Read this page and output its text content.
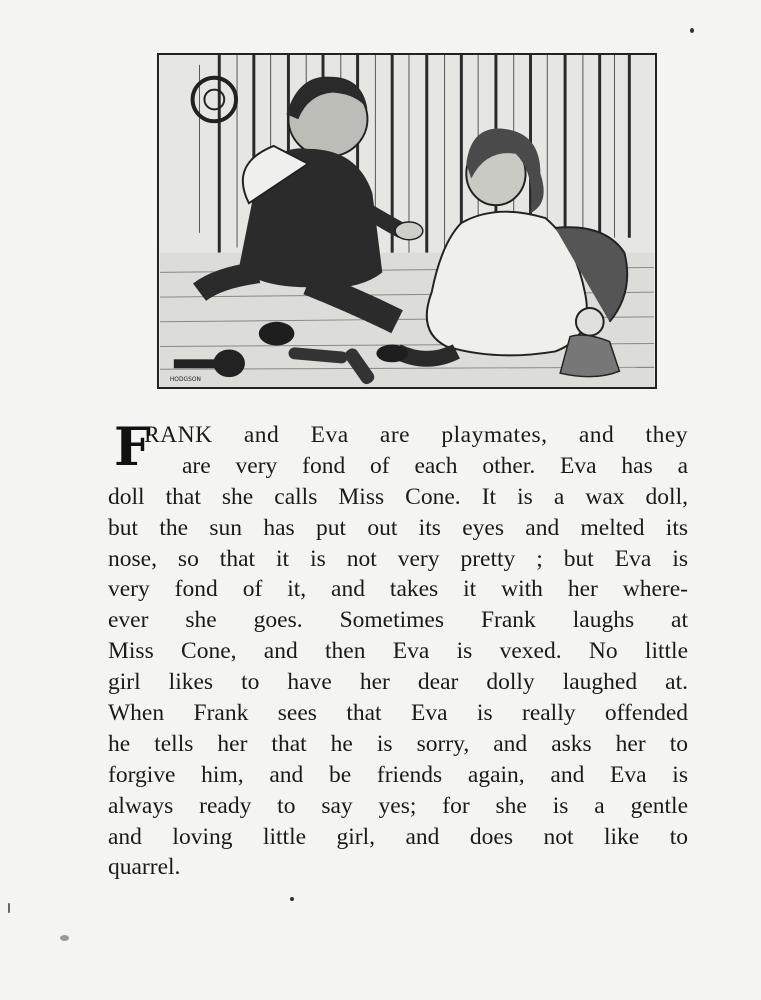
HODGSON
F
RANK and Eva are playmates, and they
are very fond of each other. Eva has a
doll that she calls Miss Cone. It is a wax doll,
but the sun has put out its eyes and melted its
nose, so that it is not very pretty ; but Eva is
very fond of it, and takes it with her where-
ever she goes. Sometimes Frank laughs at
Miss Cone, and then Eva is vexed. No little
girl likes to have her dear dolly laughed at.
When Frank sees that Eva is really offended
he tells her that he is sorry, and asks her to
forgive him, and be friends again, and Eva is
always ready to say yes; for she is a gentle
and loving little girl, and does not like to
quarrel.
